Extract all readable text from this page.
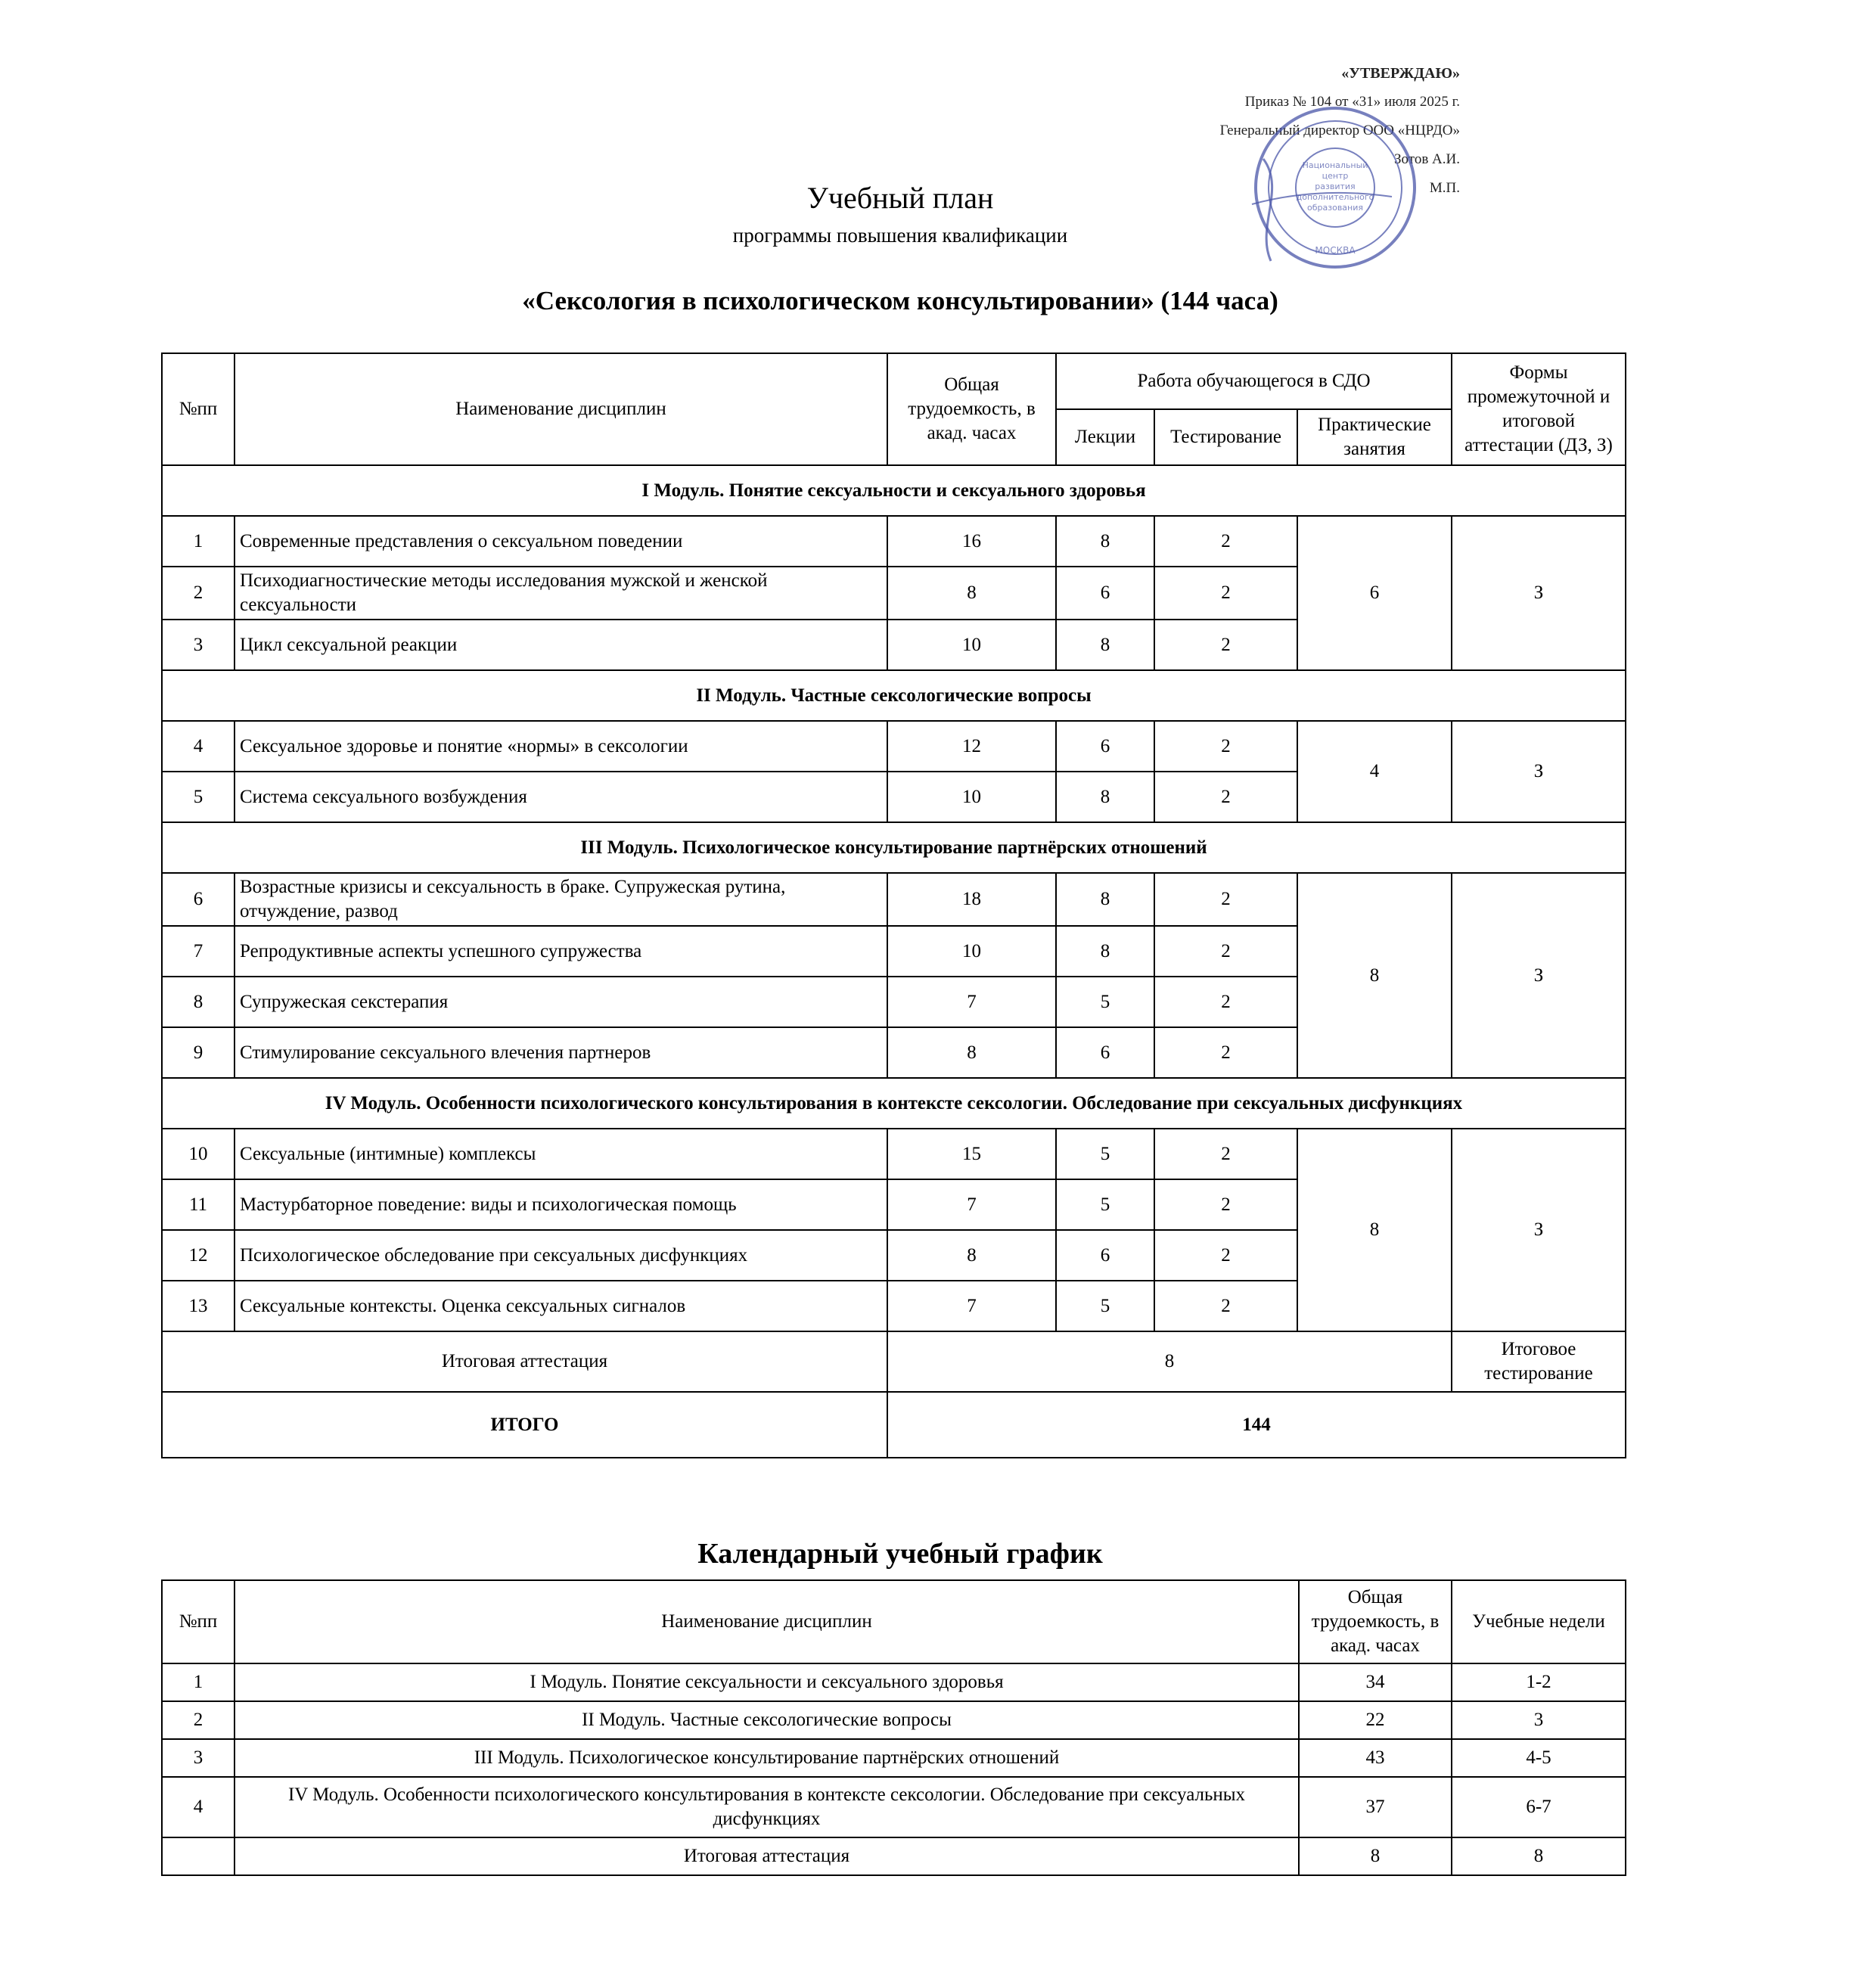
«УТВЕРЖДАЮ»
Приказ № 104 от «31» июля 2025 г.
Генеральный директор ООО «НЦРДО»
Зотов А.И.
М.П.
Национальный
центр
развития
дополнительного
образования
МОСКВА
Учебный план
программы повышения квалификации
«Сексология в психологическом консультировании» (144 часа)
№пп	Наименование дисциплин	Общая трудоемкость, в акад. часах	Работа обучающегося в СДО			Формы промежуточной и итоговой аттестации (ДЗ, З)
			Лекции	Тестирование	Практические занятия	
I Модуль. Понятие сексуальности и сексуального здоровья						
1	Современные представления о сексуальном поведении	16	8	2	6	З
2	Психодиагностические методы исследования мужской и женской сексуальности	8	6	2		
3	Цикл сексуальной реакции	10	8	2		
II Модуль. Частные сексологические вопросы						
4	Сексуальное здоровье и понятие «нормы» в сексологии	12	6	2	4	З
5	Система сексуального возбуждения	10	8	2		
III Модуль. Психологическое консультирование партнёрских отношений						
6	Возрастные кризисы и сексуальность в браке. Супружеская рутина, отчуждение, развод	18	8	2	8	З
7	Репродуктивные аспекты успешного супружества	10	8	2		
8	Супружеская секстерапия	7	5	2		
9	Стимулирование сексуального влечения партнеров	8	6	2		
IV Модуль. Особенности психологического консультирования в контексте сексологии. Обследование при сексуальных дисфункциях						
10	Сексуальные (интимные) комплексы	15	5	2	8	З
11	Мастурбаторное поведение: виды и психологическая помощь	7	5	2		
12	Психологическое обследование при сексуальных дисфункциях	8	6	2		
13	Сексуальные контексты. Оценка сексуальных сигналов	7	5	2		
Итоговая аттестация		8				Итоговое тестирование
ИТОГО		144				
Календарный учебный график
№пп	Наименование дисциплин	Общая трудоемкость, в акад. часах	Учебные недели
1	I Модуль. Понятие сексуальности и сексуального здоровья	34	1-2
2	II Модуль. Частные сексологические вопросы	22	3
3	III Модуль. Психологическое консультирование партнёрских отношений	43	4-5
4	IV Модуль. Особенности психологического консультирования в контексте сексологии. Обследование при сексуальных дисфункциях	37	6-7
	Итоговая аттестация	8	8
